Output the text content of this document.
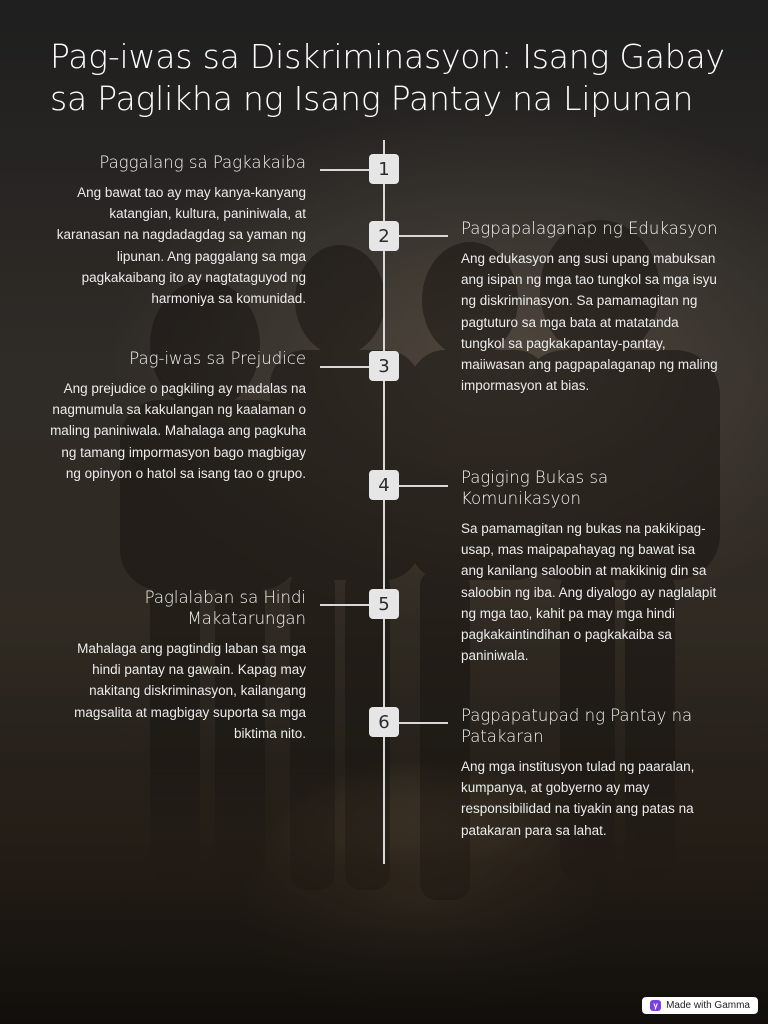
Pag-iwas sa Diskriminasyon: Isang Gabay sa Paglikha ng Isang Pantay na Lipunan
1
Paggalang sa Pagkakaiba

Ang bawat tao ay may kanya-kanyang katangian, kultura, paniniwala, at karanasan na nagdadagdag sa yaman ng lipunan. Ang paggalang sa mga pagkakaibang ito ay nagtataguyod ng harmoniya sa komunidad.

2	Pagpapalaganap ng Edukasyon

Ang edukasyon ang susi upang mabuksan ang isipan ng mga tao tungkol sa mga isyu ng diskriminasyon. Sa pamamagitan ng pagtuturo sa mga bata at matatanda tungkol sa pagkakapantay-pantay, maiiwasan ang pagpapalaganap ng maling impormasyon at bias.

3
Pag-iwas sa Prejudice

Ang prejudice o pagkiling ay madalas na nagmumula sa kakulangan ng kaalaman o maling paniniwala. Mahalaga ang pagkuha ng tamang impormasyon bago magbigay ng opinyon o hatol sa isang tao o grupo.

4	Pagiging Bukas sa Komunikasyon

Sa pamamagitan ng bukas na pakikipag-usap, mas maipapahayag ng bawat isa ang kanilang saloobin at makikinig din sa saloobin ng iba. Ang diyalogo ay naglalapit ng mga tao, kahit pa may mga hindi pagkakaintindihan o pagkakaiba sa paniniwala.

5
Paglalaban sa Hindi Makatarungan

Mahalaga ang pagtindig laban sa mga hindi pantay na gawain. Kapag may nakitang diskriminasyon, kailangang magsalita at magbigay suporta sa mga biktima nito.

6	Pagpapatupad ng Pantay na Patakaran

Ang mga institusyon tulad ng paaralan, kumpanya, at gobyerno ay may responsibilidad na tiyakin ang patas na patakaran para sa lahat.

γ Made with Gamma
